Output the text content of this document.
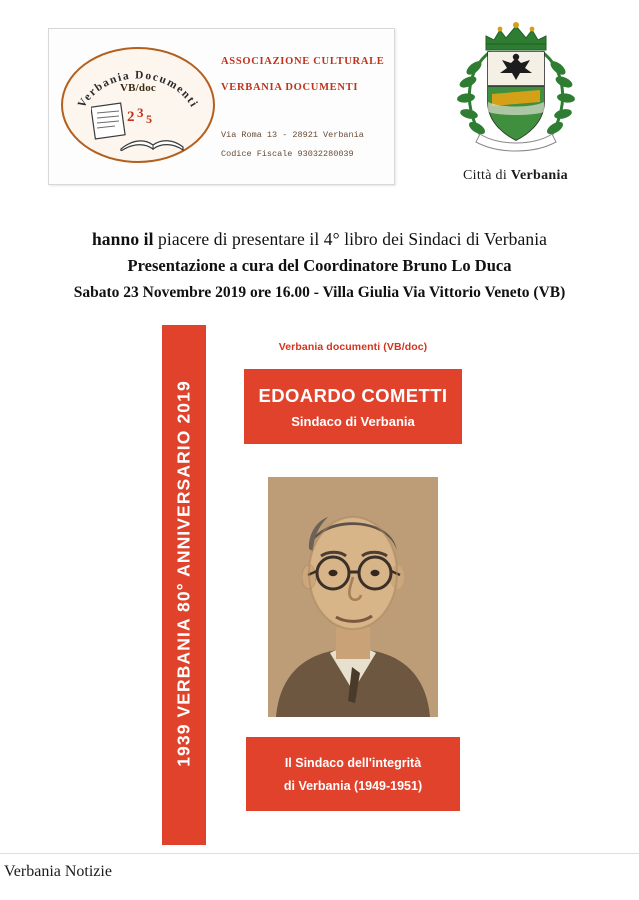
Verbania Documenti
VB/doc
2 3 5
ASSOCIAZIONE CULTURALE
VERBANIA DOCUMENTI
Via Roma 13 - 28921 Verbania
Codice Fiscale 93032280039
Città di Verbania
hanno il piacere di presentare il 4° libro dei Sindaci di Verbania
Presentazione a cura del Coordinatore Bruno Lo Duca
Sabato 23 Novembre 2019 ore 16.00 - Villa Giulia Via Vittorio Veneto (VB)
1939 VERBANIA 80° ANNIVERSARIO 2019
Verbania documenti (VB/doc)
EDOARDO COMETTI
Sindaco di Verbania
Il Sindaco dell'integrità
di Verbania (1949-1951)
Verbania Notizie
